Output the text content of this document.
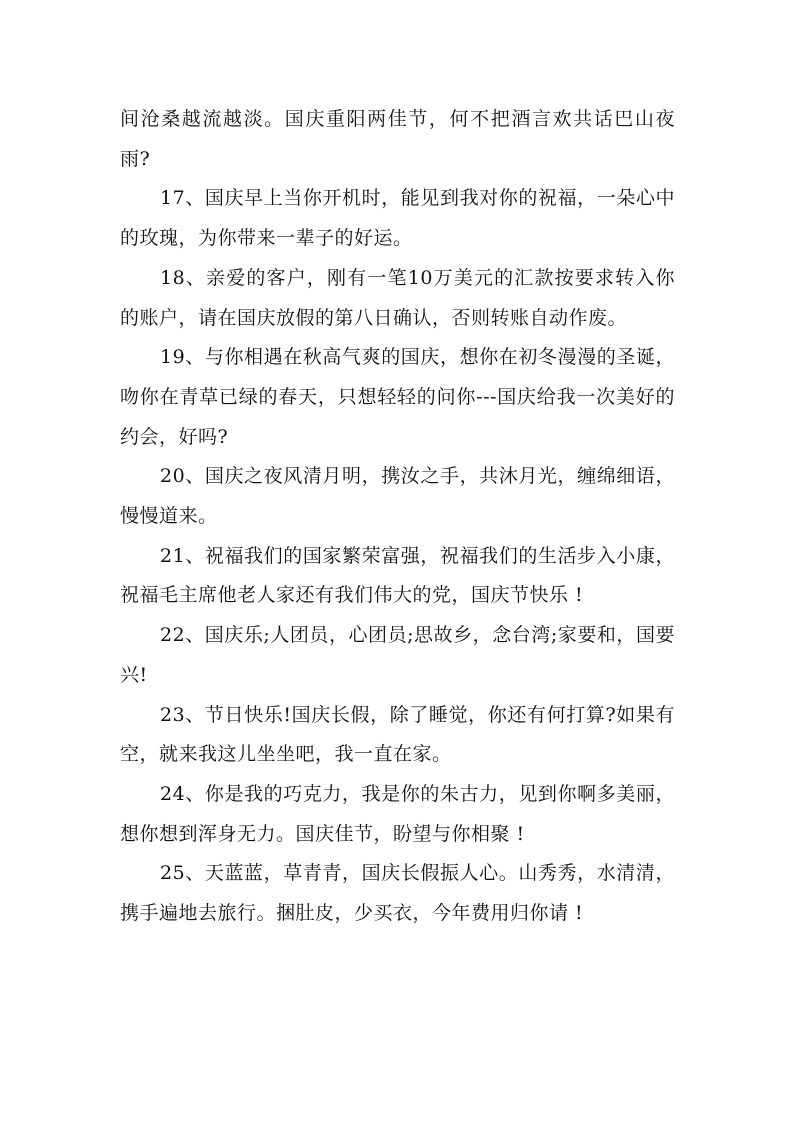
间沧桑越流越淡。国庆重阳两佳节，何不把酒言欢共话巴山夜雨?

17、国庆早上当你开机时，能见到我对你的祝福，一朵心中的玫瑰，为你带来一辈子的好运。

18、亲爱的客户，刚有一笔10万美元的汇款按要求转入你的账户，请在国庆放假的第八日确认，否则转账自动作废。

19、与你相遇在秋高气爽的国庆，想你在初冬漫漫的圣诞，吻你在青草已绿的春天，只想轻轻的问你---国庆给我一次美好的约会，好吗?

20、国庆之夜风清月明，携汝之手，共沐月光，缠绵细语，慢慢道来。

21、祝福我们的国家繁荣富强，祝福我们的生活步入小康，祝福毛主席他老人家还有我们伟大的党，国庆节快乐 !

22、国庆乐;人团员，心团员;思故乡，念台湾;家要和，国要兴!

23、节日快乐!国庆长假，除了睡觉，你还有何打算?如果有空，就来我这儿坐坐吧，我一直在家。

24、你是我的巧克力，我是你的朱古力，见到你啊多美丽，想你想到浑身无力。国庆佳节，盼望与你相聚 !

25、天蓝蓝，草青青，国庆长假振人心。山秀秀，水清清，携手遍地去旅行。捆肚皮，少买衣，今年费用归你请 !
